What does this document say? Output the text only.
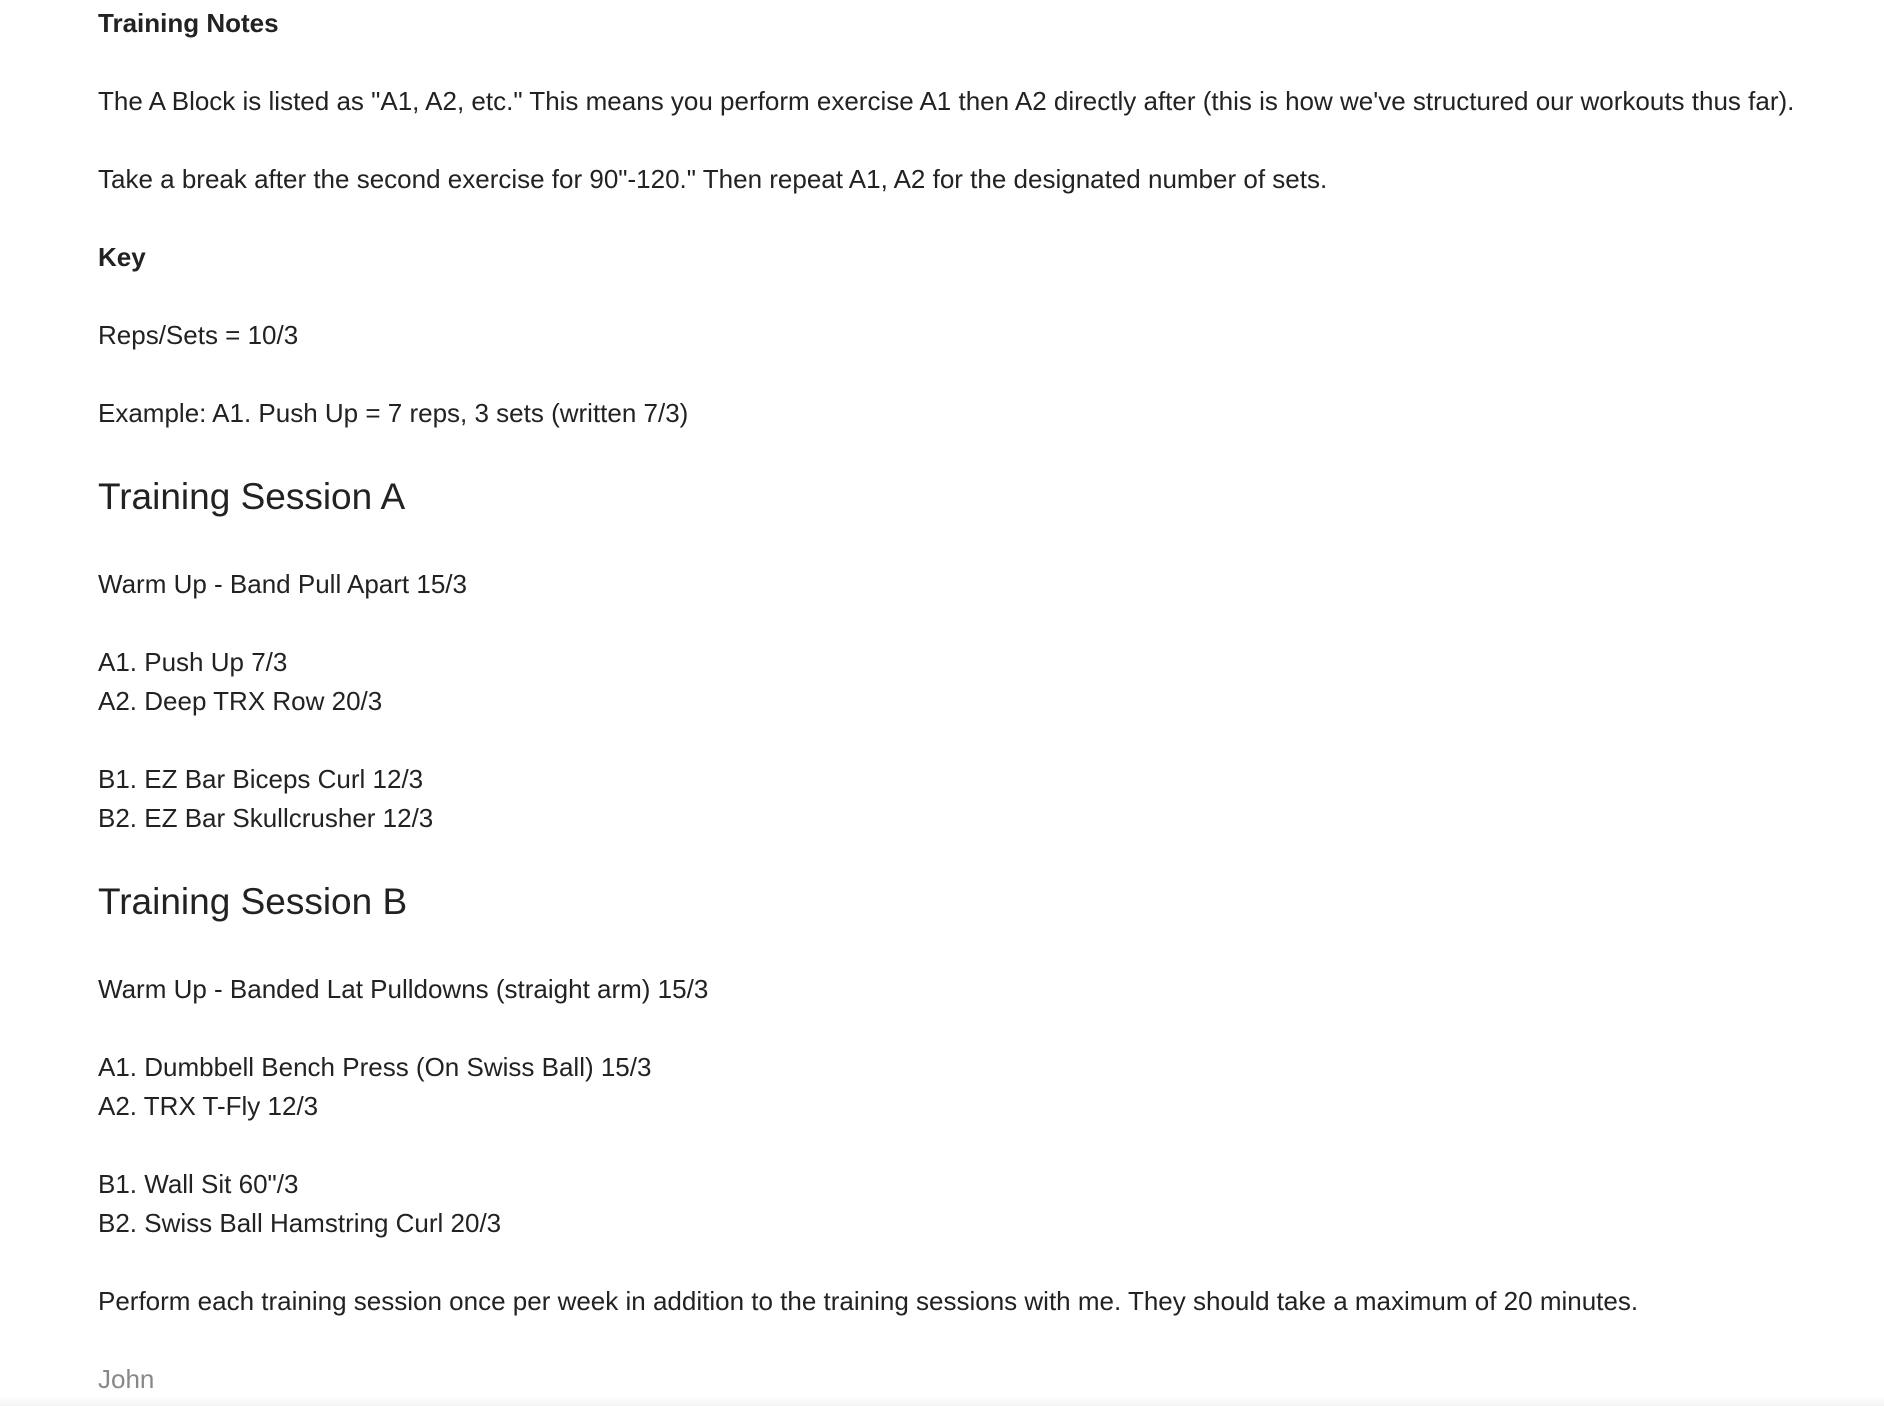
Training Notes
The A Block is listed as "A1, A2, etc." This means you perform exercise A1 then A2 directly after (this is how we've structured our workouts thus far).
Take a break after the second exercise for 90"-120." Then repeat A1, A2 for the designated number of sets.
Key
Reps/Sets = 10/3
Example: A1. Push Up = 7 reps, 3 sets (written 7/3)
Training Session A
Warm Up - Band Pull Apart 15/3
A1. Push Up 7/3
A2. Deep TRX Row 20/3
B1. EZ Bar Biceps Curl 12/3
B2. EZ Bar Skullcrusher 12/3
Training Session B
Warm Up - Banded Lat Pulldowns (straight arm) 15/3
A1. Dumbbell Bench Press (On Swiss Ball) 15/3
A2. TRX T-Fly 12/3
B1. Wall Sit 60"/3
B2. Swiss Ball Hamstring Curl 20/3
Perform each training session once per week in addition to the training sessions with me. They should take a maximum of 20 minutes.
John
